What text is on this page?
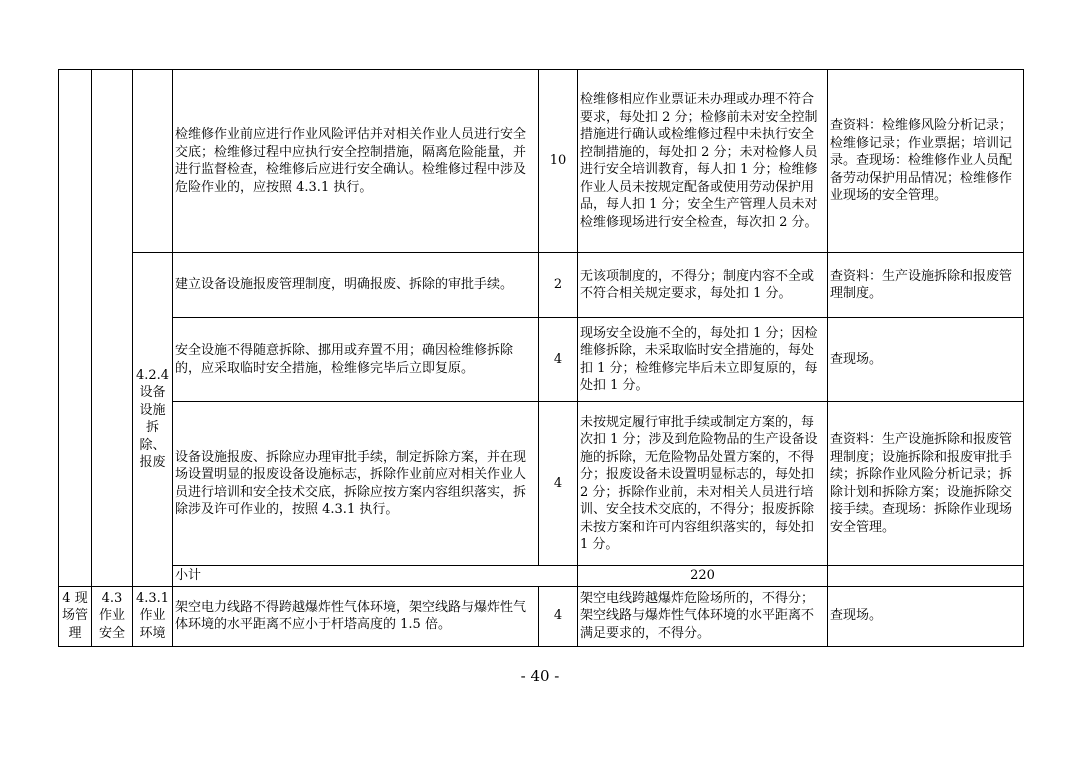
			检维修作业前应进行作业风险评估并对相关作业人员进行安全交底；检维修过程中应执行安全控制措施，隔离危险能量，并进行监督检查，检维修后应进行安全确认。检维修过程中涉及危险作业的，应按照 4.3.1 执行。	10	检维修相应作业票证未办理或办理不符合要求，每处扣 2 分；检修前未对安全控制措施进行确认或检维修过程中未执行安全控制措施的，每处扣 2 分；未对检修人员进行安全培训教育，每人扣 1 分；检维修作业人员未按规定配备或使用劳动保护用品，每人扣 1 分；安全生产管理人员未对检维修现场进行安全检查，每次扣 2 分。	查资料：检维修风险分析记录；检维修记录；作业票据；培训记录。查现场：检维修作业人员配备劳动保护用品情况；检维修作业现场的安全管理。	
		4.2.4 设备设施拆除、报废	建立设备设施报废管理制度，明确报废、拆除的审批手续。	2	无该项制度的，不得分；制度内容不全或不符合相关规定要求，每处扣 1 分。	查资料：生产设施拆除和报废管理制度。	
			安全设施不得随意拆除、挪用或弃置不用；确因检维修拆除的，应采取临时安全措施，检维修完毕后立即复原。	4	现场安全设施不全的，每处扣 1 分；因检维修拆除，未采取临时安全措施的，每处扣 1 分；检维修完毕后未立即复原的，每处扣 1 分。	查现场。	
			设备设施报废、拆除应办理审批手续，制定拆除方案，并在现场设置明显的报废设备设施标志，拆除作业前应对相关作业人员进行培训和安全技术交底，拆除应按方案内容组织落实，拆除涉及许可作业的，按照 4.3.1 执行。	4	未按规定履行审批手续或制定方案的，每次扣 1 分；涉及到危险物品的生产设备设施的拆除，无危险物品处置方案的，不得分；报废设备未设置明显标志的，每处扣 2 分；拆除作业前，未对相关人员进行培训、安全技术交底的，不得分；报废拆除未按方案和许可内容组织落实的，每处扣 1 分。	查资料：生产设施拆除和报废管理制度；设施拆除和报废审批手续；拆除作业风险分析记录；拆除计划和拆除方案；设施拆除交接手续。查现场：拆除作业现场安全管理。	
			小计		220		
4 现场管理	4.3 作业安全	4.3.1 作业环境	架空电力线路不得跨越爆炸性气体环境，架空线路与爆炸性气体环境的水平距离不应小于杆塔高度的 1.5 倍。	4	架空电线跨越爆炸危险场所的，不得分；架空线路与爆炸性气体环境的水平距离不满足要求的，不得分。	查现场。	
- 40 -
